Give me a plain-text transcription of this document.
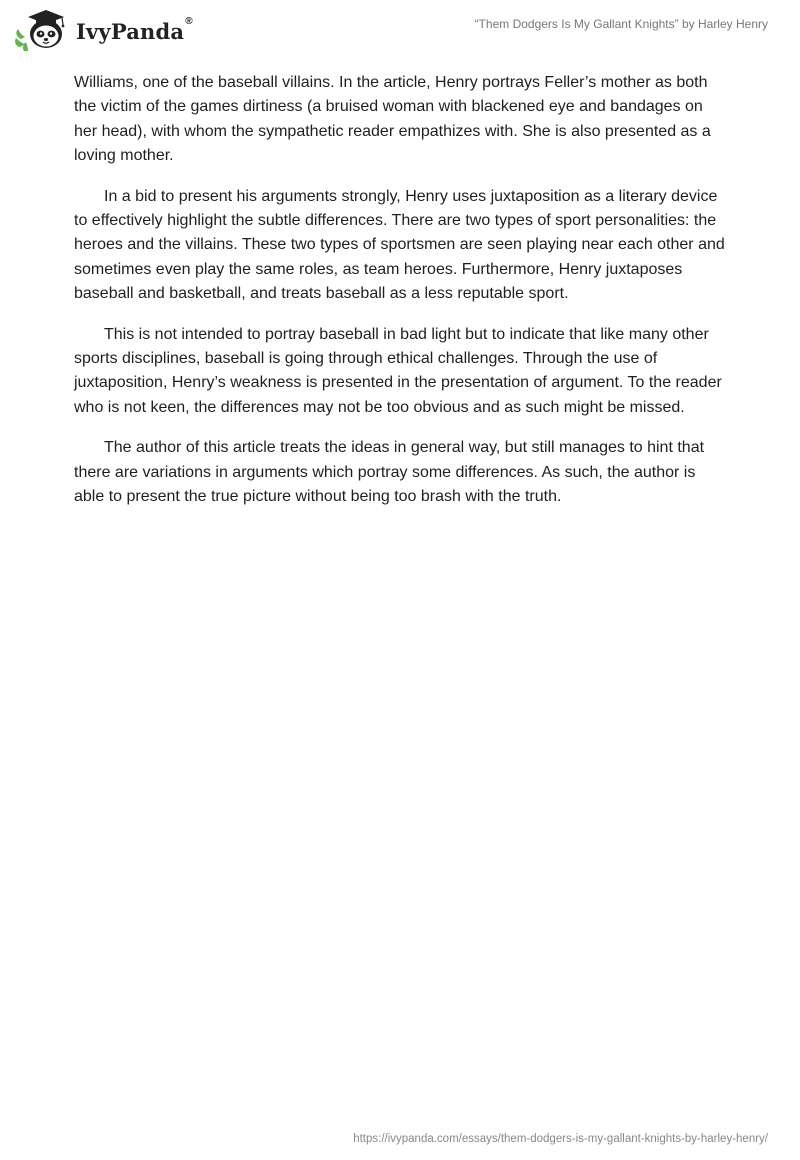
IvyPanda ®	“Them Dodgers Is My Gallant Knights” by Harley Henry

Williams, one of the baseball villains. In the article, Henry portrays Feller’s mother as both the victim of the games dirtiness (a bruised woman with blackened eye and bandages on her head), with whom the sympathetic reader empathizes with. She is also presented as a loving mother.

In a bid to present his arguments strongly, Henry uses juxtaposition as a literary device to effectively highlight the subtle differences. There are two types of sport personalities: the heroes and the villains. These two types of sportsmen are seen playing near each other and sometimes even play the same roles, as team heroes. Furthermore, Henry juxtaposes baseball and basketball, and treats baseball as a less reputable sport.

This is not intended to portray baseball in bad light but to indicate that like many other sports disciplines, baseball is going through ethical challenges. Through the use of juxtaposition, Henry’s weakness is presented in the presentation of argument. To the reader who is not keen, the differences may not be too obvious and as such might be missed.

The author of this article treats the ideas in general way, but still manages to hint that there are variations in arguments which portray some differences. As such, the author is able to present the true picture without being too brash with the truth.

https://ivypanda.com/essays/them-dodgers-is-my-gallant-knights-by-harley-henry/
